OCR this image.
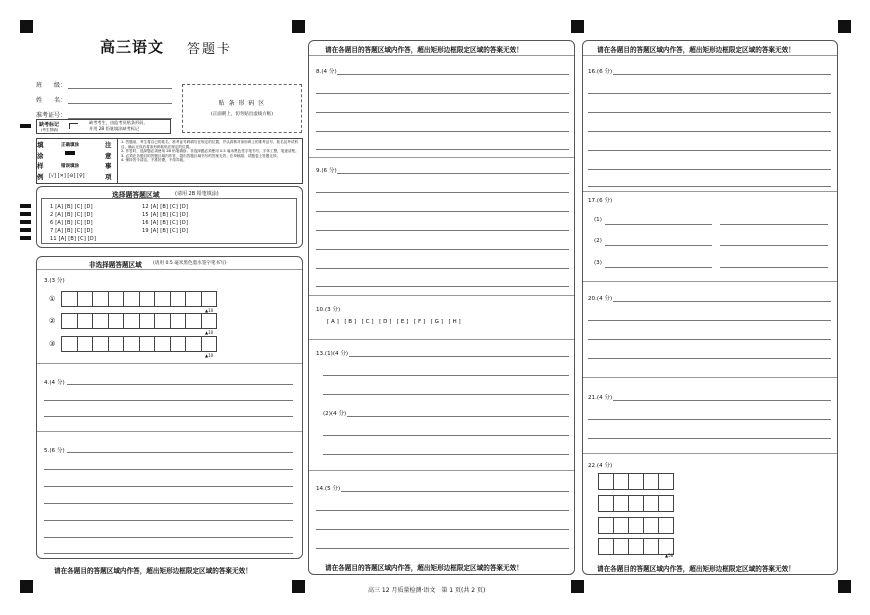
高三语文 答题卡
班　　级：
姓　　名：
准考证号：
贴 条 形 码 区
(正面朝上，切勿贴出虚线方框)
缺考标记
(考生禁填)
缺考考生，由监考员贴条形码，
并用 2B 铅笔填涂缺考标记
填
涂
样
例
正确填涂
错误填涂
[√] [✕] [⊖] [♀]
注
意
事
项
1. 答题前，考生将自己的姓名、准考证号码填写在规定的位置，并认真核对条形码上的准考证号、姓名及考试科目，确认无误后将条形码粘贴在规定的位置。
2. 作答时，选择题必须使用 2B 铅笔填涂；非选择题必须使用 0.5 毫米黑色签字笔书写，字体工整，笔迹清楚。
3. 必须在各题目的答题区域内作答，超出答题区域书写的答案无效；在草稿纸、试题卷上答题无效。
4. 保持答卡清洁，不准折叠，不得弄破。
选择题答题区域	(请用 2B 铅笔填涂)
1 [A] [B] [C] [D]
2 [A] [B] [C] [D]
6 [A] [B] [C] [D]
7 [A] [B] [C] [D]
11 [A] [B] [C] [D]
12 [A] [B] [C] [D]
15 [A] [B] [C] [D]
16 [A] [B] [C] [D]
19 [A] [B] [C] [D]
非选择题答题区域 (请用 0.5 毫米黑色墨水签字笔书写)
3.(3 分)
①
▲10
②
▲10
③
▲10
4.(4 分)
5.(6 分)
请在各题目的答题区域内作答，超出矩形边框限定区域的答案无效！
请在各题目的答题区域内作答，超出矩形边框限定区域的答案无效！
8.(4 分)
9.(6 分)
10.(3 分)
[ A ]　[ B ]　[ C ]　[ D ]　[ E ]　[ F ]　[ G ]　[ H ]
13.(1)(4 分)
(2)(4 分)
14.(5 分)
请在各题目的答题区域内作答，超出矩形边框限定区域的答案无效！
请在各题目的答题区域内作答，超出矩形边框限定区域的答案无效！
16.(6 分)
17.(6 分)
(1)
(2)
(3)
20.(4 分)
21.(4 分)
22.(4 分)
▲56
请在各题目的答题区域内作答，超出矩形边框限定区域的答案无效！
高三 12 月质量检测·语文　第 1 页(共 2 页)
